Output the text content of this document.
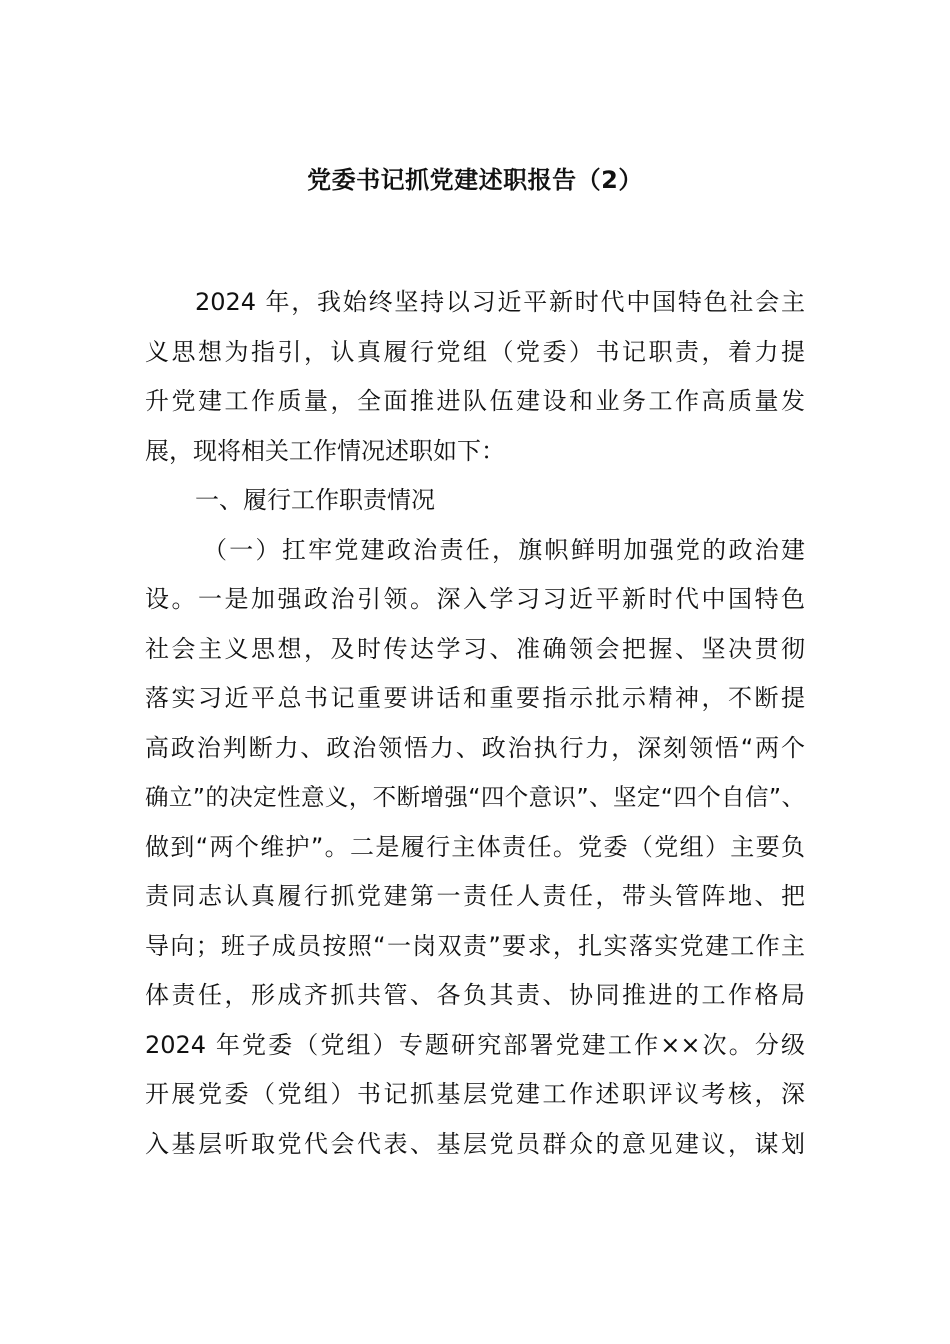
党委书记抓党建述职报告（2）
2024 年，我始终坚持以习近平新时代中国特色社会主
义思想为指引，认真履行党组（党委）书记职责，着力提
升党建工作质量，全面推进队伍建设和业务工作高质量发
展，现将相关工作情况述职如下：
一、履行工作职责情况
（一）扛牢党建政治责任，旗帜鲜明加强党的政治建
设。一是加强政治引领。深入学习习近平新时代中国特色
社会主义思想，及时传达学习、准确领会把握、坚决贯彻
落实习近平总书记重要讲话和重要指示批示精神，不断提
高政治判断力、政治领悟力、政治执行力，深刻领悟“两个
确立”的决定性意义，不断增强“四个意识”、坚定“四个自信”、
做到“两个维护”。二是履行主体责任。党委（党组）主要负
责同志认真履行抓党建第一责任人责任，带头管阵地、把
导向；班子成员按照“一岗双责”要求，扎实落实党建工作主
体责任，形成齐抓共管、各负其责、协同推进的工作格局
2024 年党委（党组）专题研究部署党建工作××次。分级
开展党委（党组）书记抓基层党建工作述职评议考核，深
入基层听取党代会代表、基层党员群众的意见建议，谋划
